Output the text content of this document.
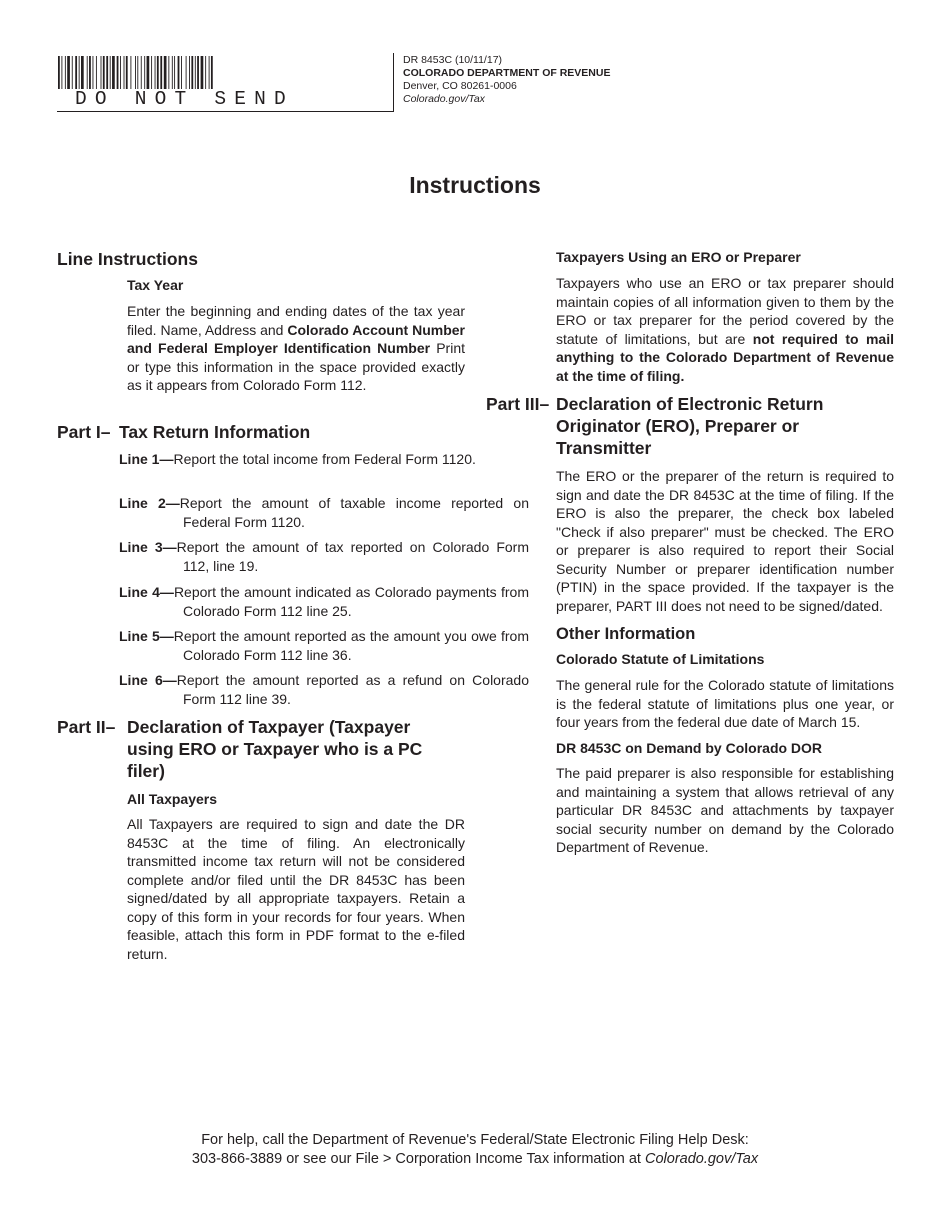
DO NOT SEND
DR 8453C (10/11/17)
COLORADO DEPARTMENT OF REVENUE
Denver, CO 80261-0006
Colorado.gov/Tax
Instructions
Line Instructions
Tax Year
Enter the beginning and ending dates of the tax year filed. Name, Address and Colorado Account Number and Federal Employer Identification Number Print or type this information in the space provided exactly as it appears from Colorado Form 112.
Part I– Tax Return Information
Line 1—Report the total income from Federal Form 1120.
Line 2—Report the amount of taxable income reported on Federal Form 1120.
Line 3—Report the amount of tax reported on Colorado Form 112, line 19.
Line 4—Report the amount indicated as Colorado payments from Colorado Form 112 line 25.
Line 5—Report the amount reported as the amount you owe from Colorado Form 112 line 36.
Line 6—Report the amount reported as a refund on Colorado Form 112 line 39.
Part II– Declaration of Taxpayer (Taxpayer using ERO or Taxpayer who is a PC filer)
All Taxpayers
All Taxpayers are required to sign and date the DR 8453C at the time of filing. An electronically transmitted income tax return will not be considered complete and/or filed until the DR 8453C has been signed/dated by all appropriate taxpayers. Retain a copy of this form in your records for four years. When feasible, attach this form in PDF format to the e-filed return.
Taxpayers Using an ERO or Preparer
Taxpayers who use an ERO or tax preparer should maintain copies of all information given to them by the ERO or tax preparer for the period covered by the statute of limitations, but are not required to mail anything to the Colorado Department of Revenue at the time of filing.
Part III– Declaration of Electronic Return Originator (ERO), Preparer or Transmitter
The ERO or the preparer of the return is required to sign and date the DR 8453C at the time of filing. If the ERO is also the preparer, the check box labeled "Check if also preparer" must be checked. The ERO or preparer is also required to report their Social Security Number or preparer identification number (PTIN) in the space provided. If the taxpayer is the preparer, PART III does not need to be signed/dated.
Other Information
Colorado Statute of Limitations
The general rule for the Colorado statute of limitations is the federal statute of limitations plus one year, or four years from the federal due date of March 15.
DR 8453C on Demand by Colorado DOR
The paid preparer is also responsible for establishing and maintaining a system that allows retrieval of any particular DR 8453C and attachments by taxpayer social security number on demand by the Colorado Department of Revenue.
For help, call the Department of Revenue's Federal/State Electronic Filing Help Desk:
303-866-3889 or see our File > Corporation Income Tax information at Colorado.gov/Tax
